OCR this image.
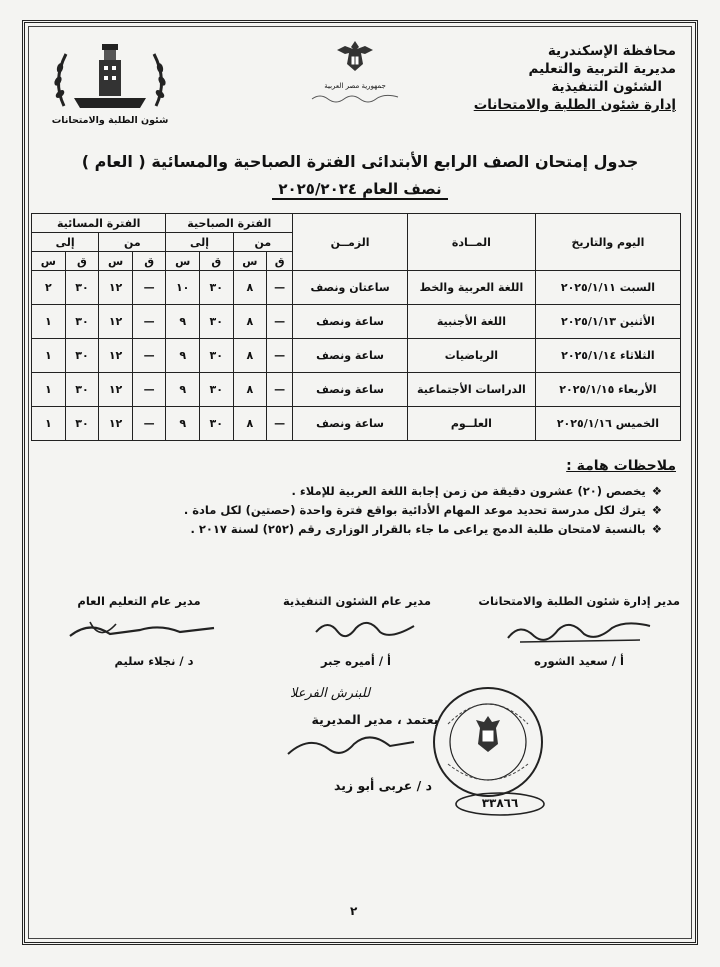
محافظة الإسكندرية
مديرية التربية والتعليم
الشئون التنفيذية
إدارة شئون الطلبة والامتحانات
جمهورية مصر العربية
شئون الطلبة والامتحانات
جدول إمتحان الصف الرابع الأبتدائى الفترة الصباحية والمسائية ( العام )
نصف العام ٢٠٢٥/٢٠٢٤
اليوم والتاريخ	المــادة	الزمــن	الفترة الصباحية				الفترة المسائية			
			من		إلى		من		إلى	
			ق	س	ق	س	ق	س	ق	س
السبت ٢٠٢٥/١/١١	اللغة العربية والخط	ساعتان ونصف	—	٨	٣٠	١٠	—	١٢	٣٠	٢
الأثنين ٢٠٢٥/١/١٣	اللغة الأجنبية	ساعة ونصف	—	٨	٣٠	٩	—	١٢	٣٠	١
الثلاثاء ٢٠٢٥/١/١٤	الرياضيات	ساعة ونصف	—	٨	٣٠	٩	—	١٢	٣٠	١
الأربعاء ٢٠٢٥/١/١٥	الدراسات الأجتماعية	ساعة ونصف	—	٨	٣٠	٩	—	١٢	٣٠	١
الخميس ٢٠٢٥/١/١٦	العلــوم	ساعة ونصف	—	٨	٣٠	٩	—	١٢	٣٠	١
ملاحظات هامة :
❖يخصص (٢٠) عشرون دقيقة من زمن إجابة اللغة العربية للإملاء .
❖يترك لكل مدرسة تحديد موعد المهام الأدائية بواقع فترة واحدة (حصتين) لكل مادة .
❖بالنسبة لامتحان طلبة الدمج يراعى ما جاء بالقرار الوزارى رقم (٢٥٢) لسنة ٢٠١٧ .
مدير إدارة شئون الطلبة والامتحانات
مدير عام الشئون التنفيذية
مدير عام التعليم العام
أ / سعيد الشوره
أ / أميره جبر
د / نجلاء سليم
للبنرش الفرعلا
يعتمد ، مدير المديرية
د / عربى أبو زيد
٣٣٨٦٦
٢
